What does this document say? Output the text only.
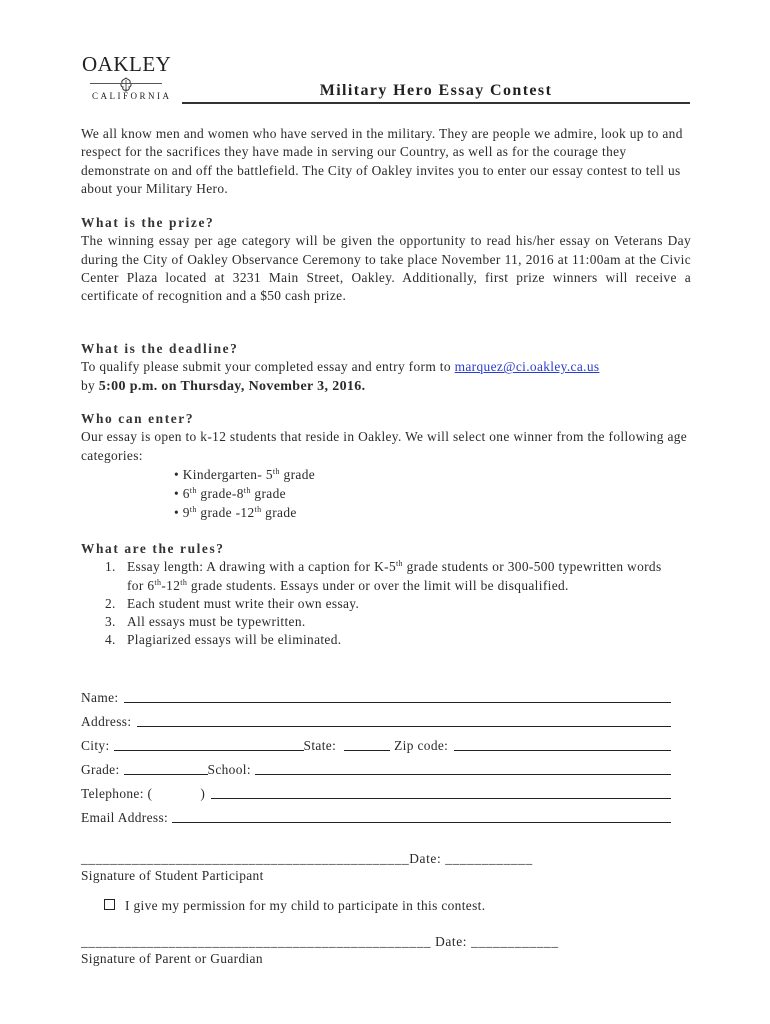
OAKLEY
CALIFORNIA	Military Hero Essay Contest
We all know men and women who have served in the military. They are people we admire, look up to and respect for the sacrifices they have made in serving our Country, as well as for the courage they demonstrate on and off the battlefield. The City of Oakley invites you to enter our essay contest to tell us about your Military Hero.
What is the prize?
The winning essay per age category will be given the opportunity to read his/her essay on Veterans Day during the City of Oakley Observance Ceremony to take place November 11, 2016 at 11:00am at the Civic Center Plaza located at 3231 Main Street, Oakley. Additionally, first prize winners will receive a certificate of recognition and a $50 cash prize.
What is the deadline?
To qualify please submit your completed essay and entry form to marquez@ci.oakley.ca.us
by 5:00 p.m. on Thursday, November 3, 2016.
Who can enter?
Our essay is open to k-12 students that reside in Oakley. We will select one winner from the following age categories:
• Kindergarten- 5th grade
• 6th grade-8th grade
• 9th grade -12th grade
What are the rules?
1. Essay length: A drawing with a caption for K-5th grade students or 300-500 typewritten words for 6th-12th grade students. Essays under or over the limit will be disqualified.
2. Each student must write their own essay.
3. All essays must be typewritten.
4. Plagiarized essays will be eliminated.
Name:
Address:
City:	State:	Zip code:
Grade:	School:
Telephone: (	)
Email Address:
_____________________________________________Date: ____________
Signature of Student Participant
I give my permission for my child to participate in this contest.
________________________________________________ Date: ____________
Signature of Parent or Guardian
